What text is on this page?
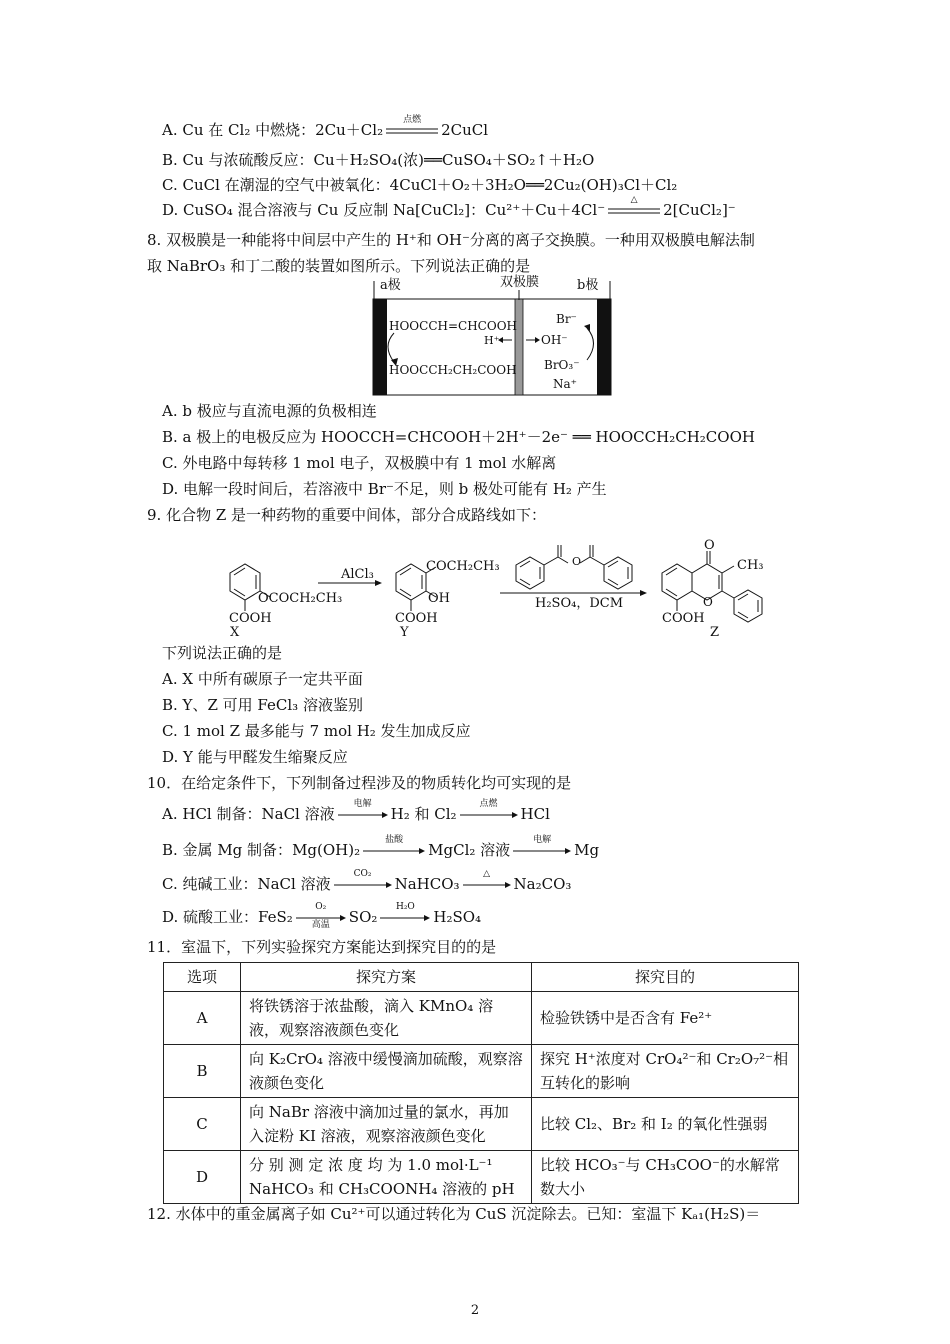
A. Cu 在 Cl₂ 中燃烧：2Cu＋Cl₂
点燃
2CuCl
B. Cu 与浓硫酸反应：Cu＋H₂SO₄(浓)══CuSO₄＋SO₂↑＋H₂O
C. CuCl 在潮湿的空气中被氧化：4CuCl＋O₂＋3H₂O══2Cu₂(OH)₃Cl＋Cl₂
D. CuSO₄ 混合溶液与 Cu 反应制 Na[CuCl₂]：Cu²⁺＋Cu＋4Cl⁻
△
2[CuCl₂]⁻
8. 双极膜是一种能将中间层中产生的 H⁺和 OH⁻分离的离子交换膜。一种用双极膜电解法制
取 NaBrO₃ 和丁二酸的装置如图所示。下列说法正确的是
a极	双极膜	b极
HOOCCH=CHCOOH
H⁺
HOOCCH₂CH₂COOH
Br⁻
OH⁻
BrO₃⁻
Na⁺
A. b 极应与直流电源的负极相连
B. a 极上的电极反应为 HOOCCH=CHCOOH＋2H⁺－2e⁻ ══ HOOCCH₂CH₂COOH
C. 外电路中每转移 1 mol 电子，双极膜中有 1 mol 水解离
D. 电解一段时间后，若溶液中 Br⁻不足，则 b 极处可能有 H₂ 产生
9. 化合物 Z 是一种药物的重要中间体，部分合成路线如下：
OCOCH₂CH₃
COOH
X
AlCl₃
COCH₂CH₃
OH
COOH
Y
O
H₂SO₄，DCM
O
CH₃
O
COOH
Z
下列说法正确的是
A. X 中所有碳原子一定共平面
B. Y、Z 可用 FeCl₃ 溶液鉴别
C. 1 mol Z 最多能与 7 mol H₂ 发生加成反应
D. Y 能与甲醛发生缩聚反应
10．在给定条件下，下列制备过程涉及的物质转化均可实现的是
A. HCl 制备：NaCl 溶液
电解
H₂ 和 Cl₂
点燃
HCl
B. 金属 Mg 制备：Mg(OH)₂
盐酸
MgCl₂ 溶液
电解
Mg
C. 纯碱工业：NaCl 溶液
CO₂
NaHCO₃
△
Na₂CO₃
D. 硫酸工业：FeS₂
O₂
高温	SO₂
H₂O
H₂SO₄
11．室温下，下列实验探究方案能达到探究目的的是
选项	探究方案	探究目的
A	将铁锈溶于浓盐酸，滴入 KMnO₄ 溶液，观察溶液颜色变化	检验铁锈中是否含有 Fe²⁺
B	向 K₂CrO₄ 溶液中缓慢滴加硫酸，观察溶液颜色变化	探究 H⁺浓度对 CrO₄²⁻和 Cr₂O₇²⁻相互转化的影响
C	向 NaBr 溶液中滴加过量的氯水，再加入淀粉 KI 溶液，观察溶液颜色变化	比较 Cl₂、Br₂ 和 I₂ 的氧化性强弱
D	分 别 测 定 浓 度 均 为 1.0 mol·L⁻¹ NaHCO₃ 和 CH₃COONH₄ 溶液的 pH	比较 HCO₃⁻与 CH₃COO⁻的水解常数大小
12. 水体中的重金属离子如 Cu²⁺可以通过转化为 CuS 沉淀除去。已知：室温下 Kₐ₁(H₂S)＝
2
